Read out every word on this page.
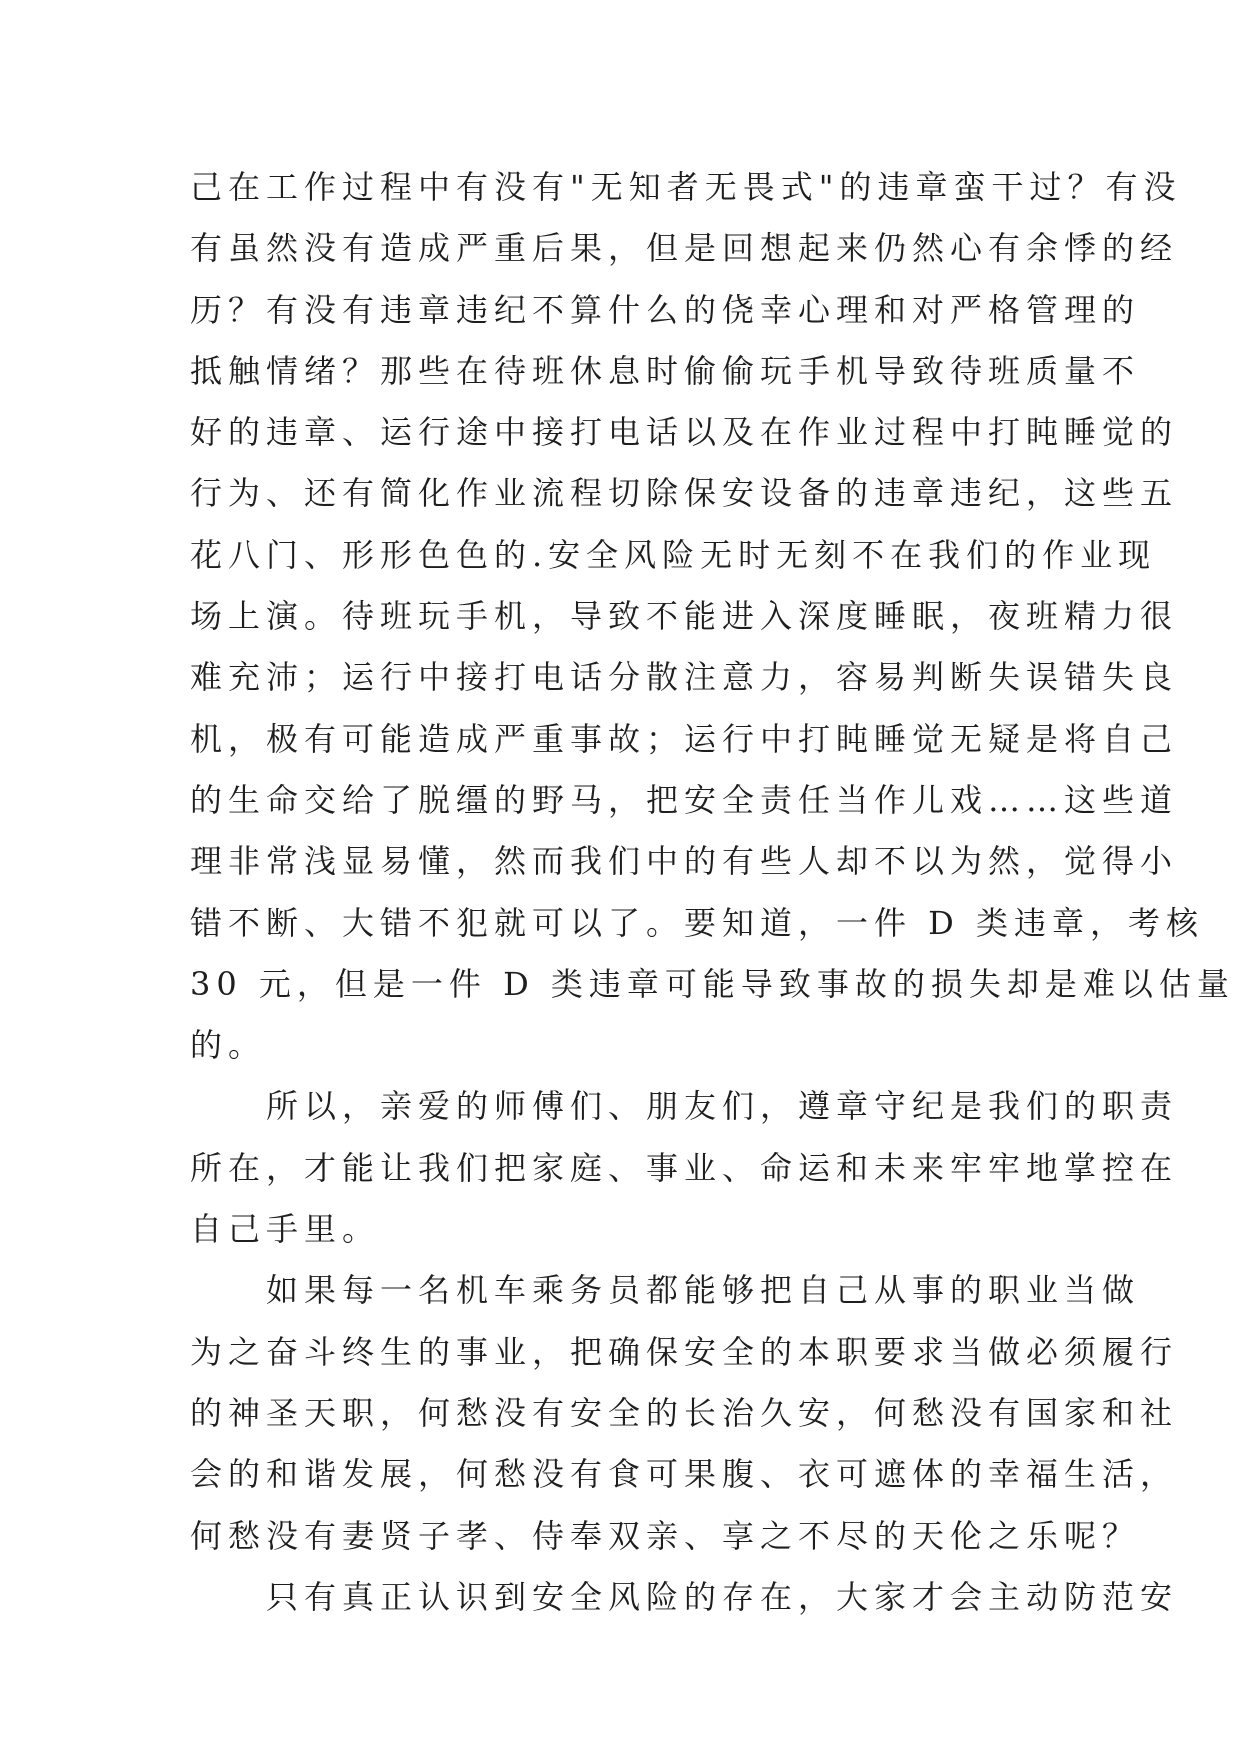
己在工作过程中有没有"无知者无畏式"的违章蛮干过？有没
有虽然没有造成严重后果，但是回想起来仍然心有余悸的经
历？有没有违章违纪不算什么的侥幸心理和对严格管理的
抵触情绪？那些在待班休息时偷偷玩手机导致待班质量不
好的违章、运行途中接打电话以及在作业过程中打盹睡觉的
行为、还有简化作业流程切除保安设备的违章违纪，这些五
花八门、形形色色的.安全风险无时无刻不在我们的作业现
场上演。待班玩手机，导致不能进入深度睡眠，夜班精力很
难充沛；运行中接打电话分散注意力，容易判断失误错失良
机，极有可能造成严重事故；运行中打盹睡觉无疑是将自己
的生命交给了脱缰的野马，把安全责任当作儿戏……这些道
理非常浅显易懂，然而我们中的有些人却不以为然，觉得小
错不断、大错不犯就可以了。要知道，一件 D 类违章，考核
30 元，但是一件 D 类违章可能导致事故的损失却是难以估量
的。
　　所以，亲爱的师傅们、朋友们，遵章守纪是我们的职责
所在，才能让我们把家庭、事业、命运和未来牢牢地掌控在
自己手里。
　　如果每一名机车乘务员都能够把自己从事的职业当做
为之奋斗终生的事业，把确保安全的本职要求当做必须履行
的神圣天职，何愁没有安全的长治久安，何愁没有国家和社
会的和谐发展，何愁没有食可果腹、衣可遮体的幸福生活，
何愁没有妻贤子孝、侍奉双亲、享之不尽的天伦之乐呢？
　　只有真正认识到安全风险的存在，大家才会主动防范安
